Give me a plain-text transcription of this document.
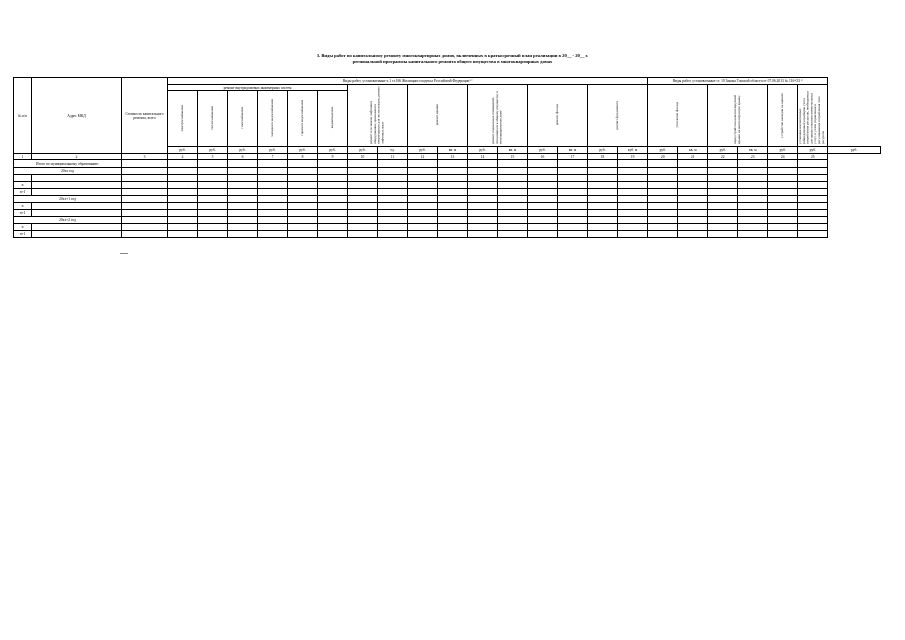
3. Виды работ по капитальному ремонту многоквартирных домов, включенных в краткосрочный план реализации в 20__ - 20__ г.
региональной программы капитального ремонта общего имущества в многоквартирных домах
№ п/п	Адрес МКД	Стоимость капитального ремонта, всего	Виды работ, установленные ч.1 ст.166 Жилищного кодекса Российской Федерации ¹⁾																Виды работ, установленные ст. 10 Закона Томской области от 07.06.2013 № 116-ОЗ ²⁾						
			ремонт внутридомовых инженерных систем						ремонт или замена лифтового оборудования, признанного непригодным для эксплуатации, ремонт лифтовых шахт		ремонт крыши		ремонт подвальных помещений, относящихся к общему имуществу в многоквартирном доме		ремонт фасада		ремонт фундамента		утепление фасада		переустройство невентилируемой крыши на вентилируемую крышу		устройство выходов на кровлю	установка коллективных (общедомовых) приборов учета потребления ресурсов, необходимых для предоставления коммунальных услуг, и узлов управления и регулирования потребления этих ресурсов	
			электроснабжения	теплоснабжения	газоснабжения	холодного водоснабжения	горячего водоснабжения	водоотведения																	
			руб.	руб.	руб.	руб.	руб.	руб.	руб.	ед.	руб.	кв. м	руб.	кв. м	руб.	кв. м	руб.	куб. м	руб.	кв. м	руб.	кв. м	руб.	руб.	руб.
1	2	3	4	5	6	7	8	9	10	11	12	13	14	15	16	17	18	19	20	21	22	23	24	25	
Итого по муниципальному образованию:																									
20хх год																									

n																									
n+1																									
20хх+1 год																									
n																									
n+1																									
20хх+2 год																									
n																									
n+1																									
